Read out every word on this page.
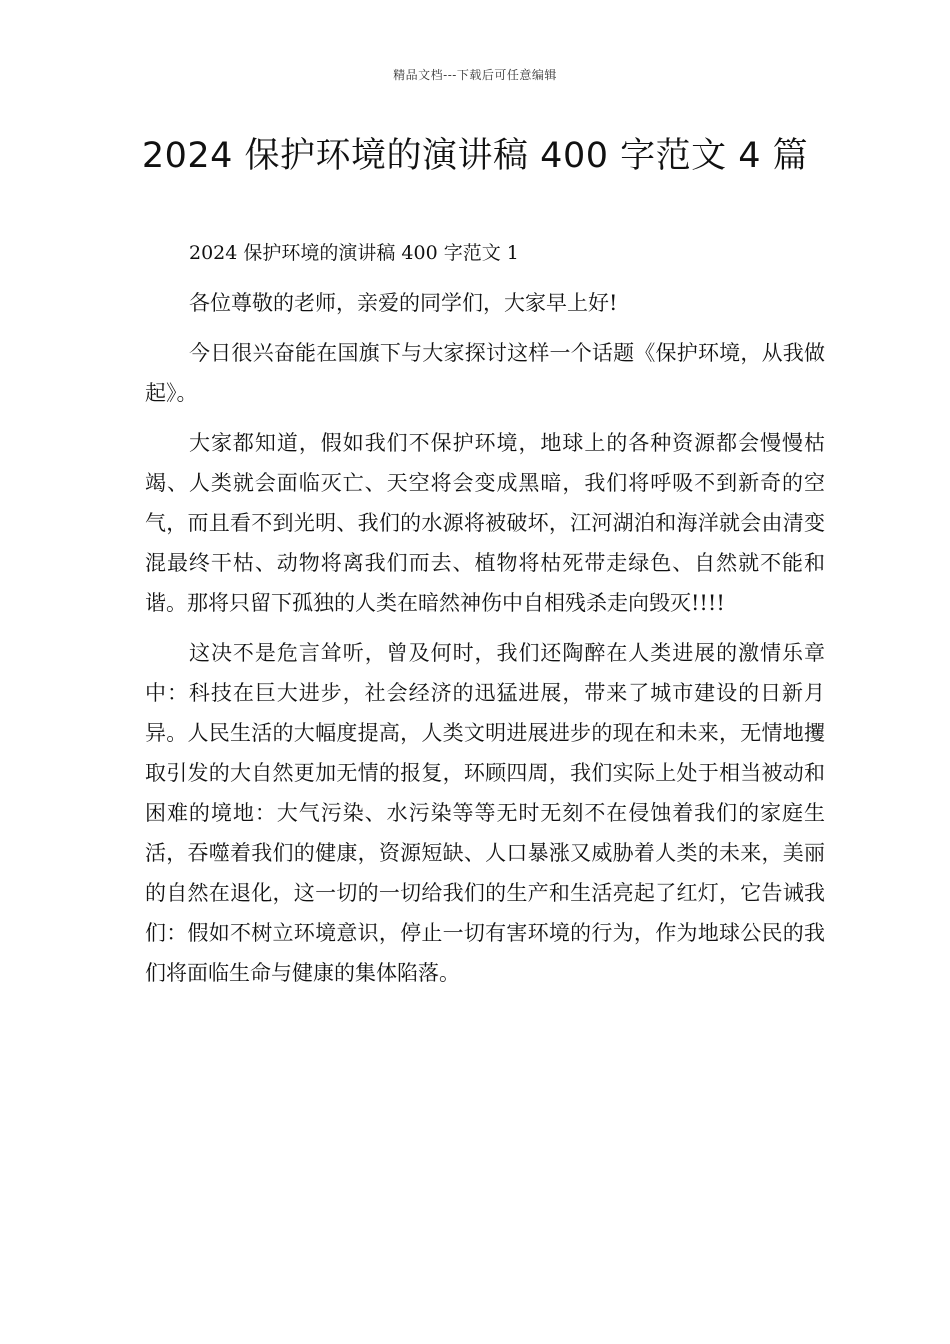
精品文档---下载后可任意编辑
2024 保护环境的演讲稿 400 字范文 4 篇

2024 保护环境的演讲稿 400 字范文 1

各位尊敬的老师，亲爱的同学们，大家早上好!

今日很兴奋能在国旗下与大家探讨这样一个话题《保护环境，从我做起》。

大家都知道，假如我们不保护环境，地球上的各种资源都会慢慢枯竭、人类就会面临灭亡、天空将会变成黑暗，我们将呼吸不到新奇的空气，而且看不到光明、我们的水源将被破坏，江河湖泊和海洋就会由清变混最终干枯、动物将离我们而去、植物将枯死带走绿色、自然就不能和谐。那将只留下孤独的人类在暗然神伤中自相残杀走向毁灭!!!!

这决不是危言耸听，曾及何时，我们还陶醉在人类进展的激情乐章中：科技在巨大进步，社会经济的迅猛进展，带来了城市建设的日新月异。人民生活的大幅度提高，人类文明进展进步的现在和未来，无情地攫取引发的大自然更加无情的报复，环顾四周，我们实际上处于相当被动和困难的境地：大气污染、水污染等等无时无刻不在侵蚀着我们的家庭生活，吞噬着我们的健康，资源短缺、人口暴涨又威胁着人类的未来，美丽的自然在退化，这一切的一切给我们的生产和生活亮起了红灯，它告诫我们：假如不树立环境意识，停止一切有害环境的行为，作为地球公民的我们将面临生命与健康的集体陷落。
